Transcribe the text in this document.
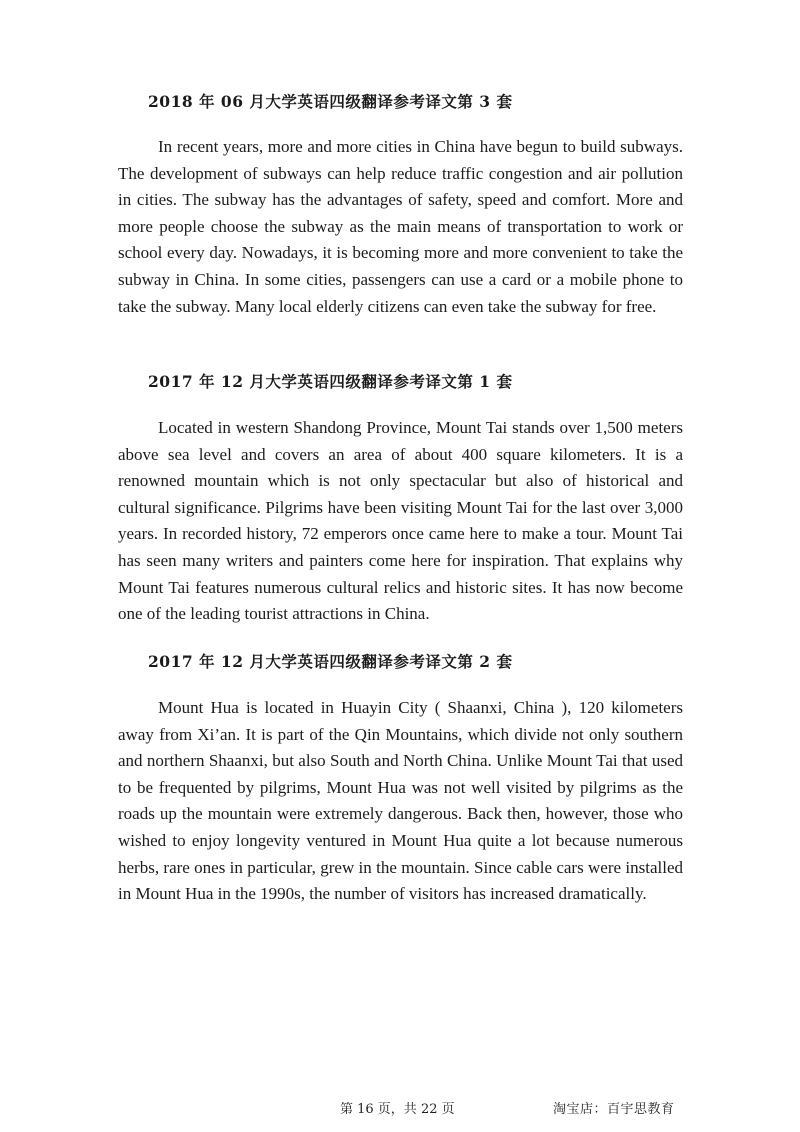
2018 年 06 月大学英语四级翻译参考译文第 3 套

In recent years, more and more cities in China have begun to build subways. The development of subways can help reduce traffic congestion and air pollution in cities. The subway has the advantages of safety, speed and comfort. More and more people choose the subway as the main means of transportation to work or school every day. Nowadays, it is becoming more and more convenient to take the subway in China. In some cities, passengers can use a card or a mobile phone to take the subway. Many local elderly citizens can even take the subway for free.

2017 年 12 月大学英语四级翻译参考译文第 1 套

Located in western Shandong Province, Mount Tai stands over 1,500 meters above sea level and covers an area of about 400 square kilometers. It is a renowned mountain which is not only spectacular but also of historical and cultural significance. Pilgrims have been visiting Mount Tai for the last over 3,000 years. In recorded history, 72 emperors once came here to make a tour. Mount Tai has seen many writers and painters come here for inspiration. That explains why Mount Tai features numerous cultural relics and historic sites. It has now become one of the leading tourist attractions in China.

2017 年 12 月大学英语四级翻译参考译文第 2 套

Mount Hua is located in Huayin City ( Shaanxi, China ), 120 kilometers away from Xi’an. It is part of the Qin Mountains, which divide not only southern and northern Shaanxi, but also South and North China. Unlike Mount Tai that used to be frequented by pilgrims, Mount Hua was not well visited by pilgrims as the roads up the mountain were extremely dangerous. Back then, however, those who wished to enjoy longevity ventured in Mount Hua quite a lot because numerous herbs, rare ones in particular, grew in the mountain. Since cable cars were installed in Mount Hua in the 1990s, the number of visitors has increased dramatically.

第 16 页，共 22 页	淘宝店：百宇思教育
